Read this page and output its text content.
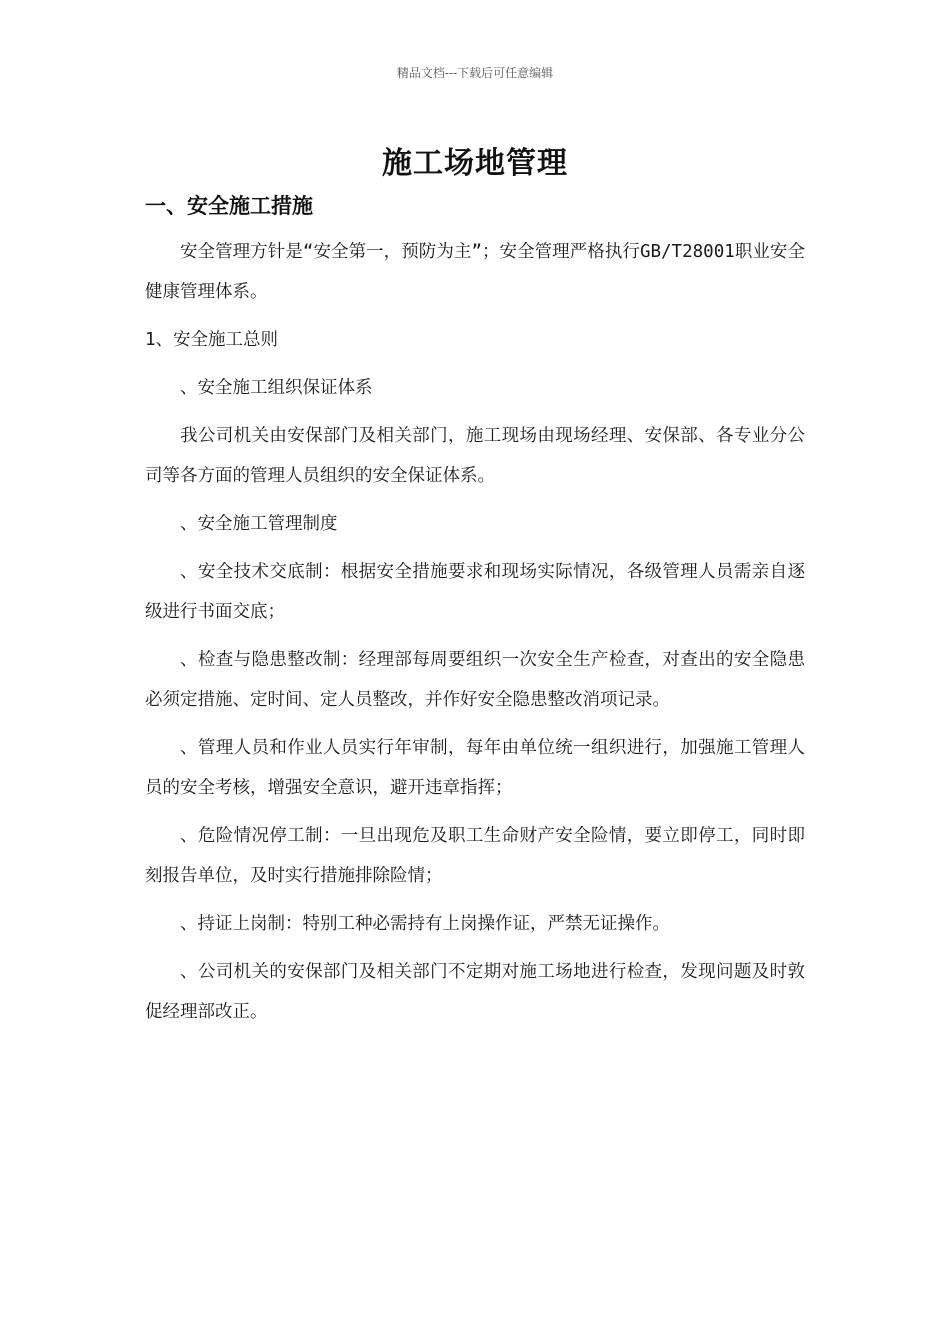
精品文档---下载后可任意编辑
施工场地管理
一、安全施工措施

安全管理方针是“安全第一，预防为主”；安全管理严格执行GB/T28001职业安全健康管理体系。

1、安全施工总则

、安全施工组织保证体系

我公司机关由安保部门及相关部门，施工现场由现场经理、安保部、各专业分公司等各方面的管理人员组织的安全保证体系。

、安全施工管理制度

、安全技术交底制：根据安全措施要求和现场实际情况，各级管理人员需亲自逐级进行书面交底；

、检查与隐患整改制：经理部每周要组织一次安全生产检查，对查出的安全隐患必须定措施、定时间、定人员整改，并作好安全隐患整改消项记录。

、管理人员和作业人员实行年审制，每年由单位统一组织进行，加强施工管理人员的安全考核，增强安全意识，避开违章指挥；

、危险情况停工制：一旦出现危及职工生命财产安全险情，要立即停工，同时即刻报告单位，及时实行措施排除险情；

、持证上岗制：特别工种必需持有上岗操作证，严禁无证操作。

、公司机关的安保部门及相关部门不定期对施工场地进行检查，发现问题及时敦促经理部改正。
